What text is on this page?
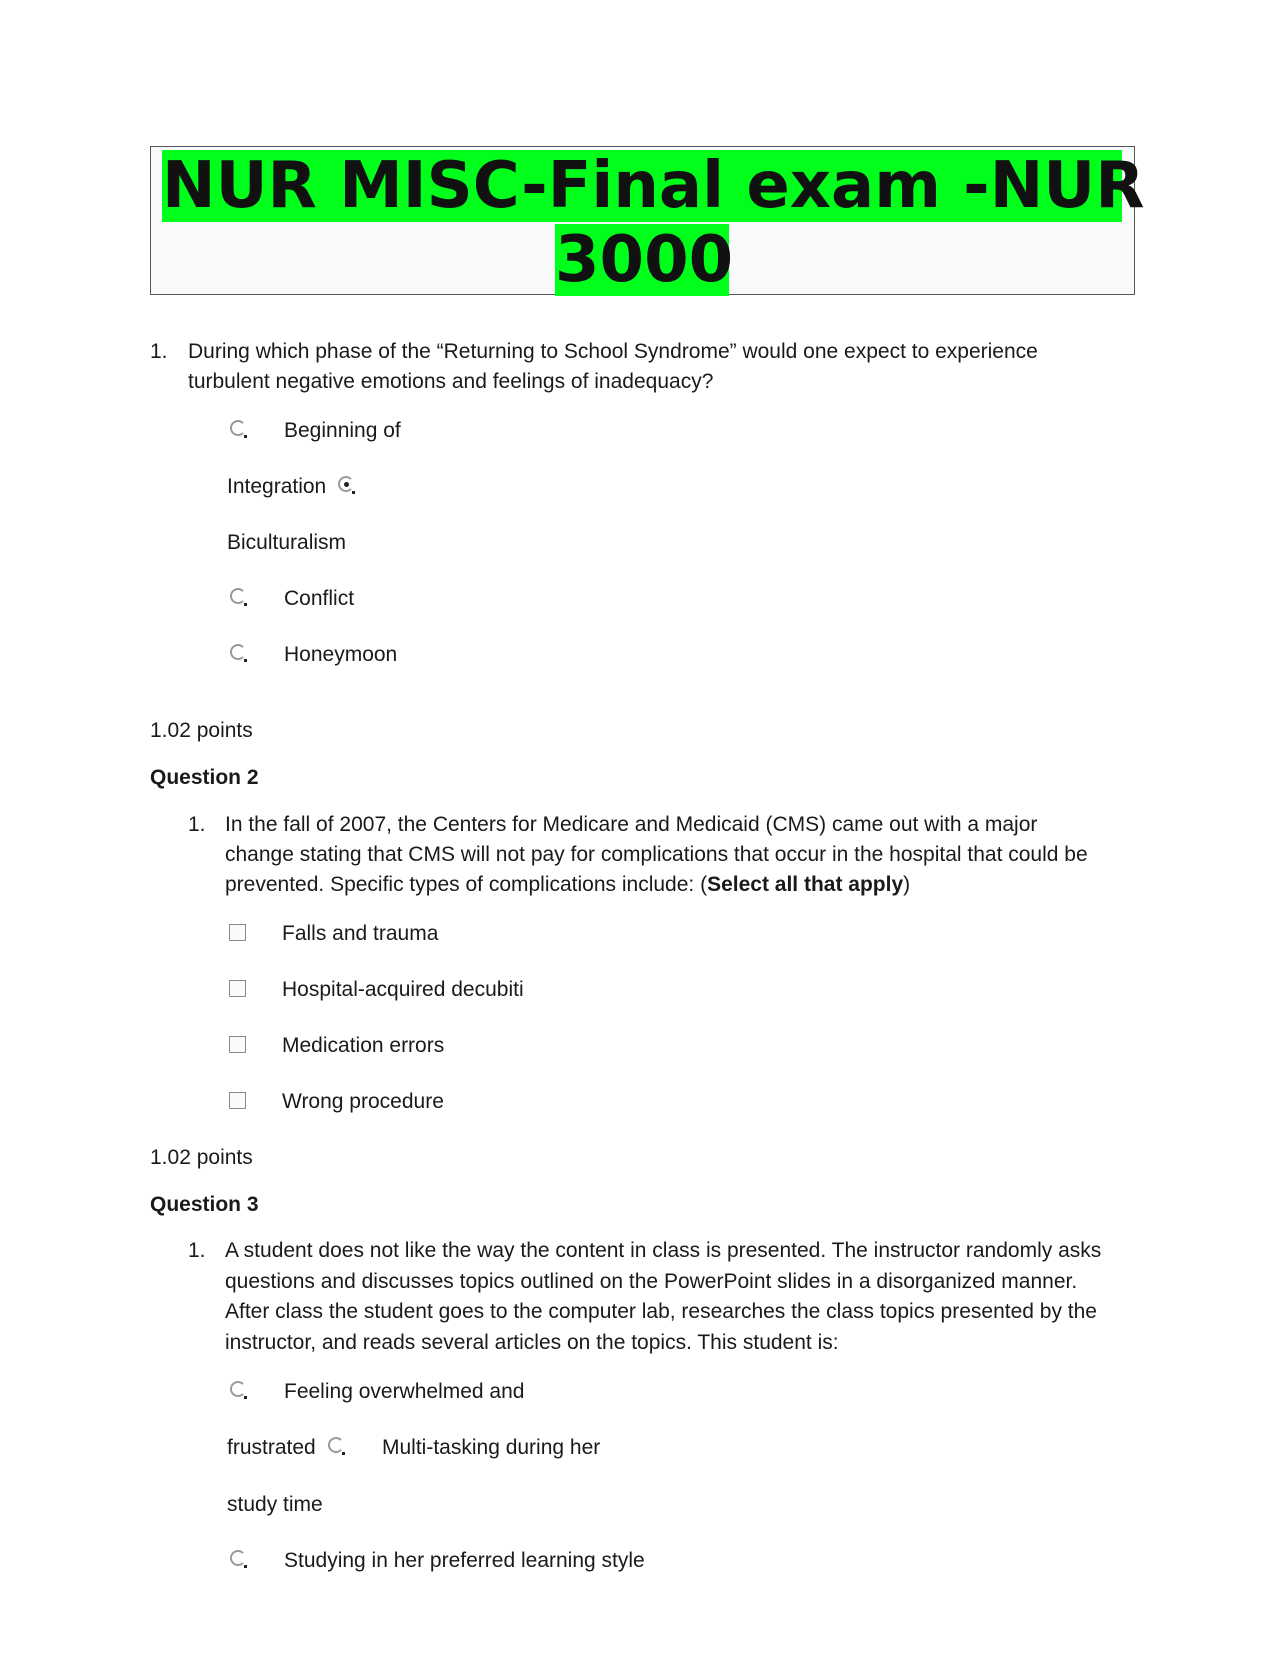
NUR MISC-Final exam -NUR
3000
1. During which phase of the “Returning to School Syndrome” would one expect to experience
turbulent negative emotions and feelings of inadequacy?
Beginning of
Integration
Biculturalism
Conflict
Honeymoon
1.02 points
Question 2
1. In the fall of 2007, the Centers for Medicare and Medicaid (CMS) came out with a major
change stating that CMS will not pay for complications that occur in the hospital that could be
prevented. Specific types of complications include: (Select all that apply)
Falls and trauma
Hospital-acquired decubiti
Medication errors
Wrong procedure
1.02 points
Question 3
1. A student does not like the way the content in class is presented. The instructor randomly asks
questions and discusses topics outlined on the PowerPoint slides in a disorganized manner.
After class the student goes to the computer lab, researches the class topics presented by the
instructor, and reads several articles on the topics. This student is:
Feeling overwhelmed and
frustrated	Multi-tasking during her
study time
Studying in her preferred learning style
